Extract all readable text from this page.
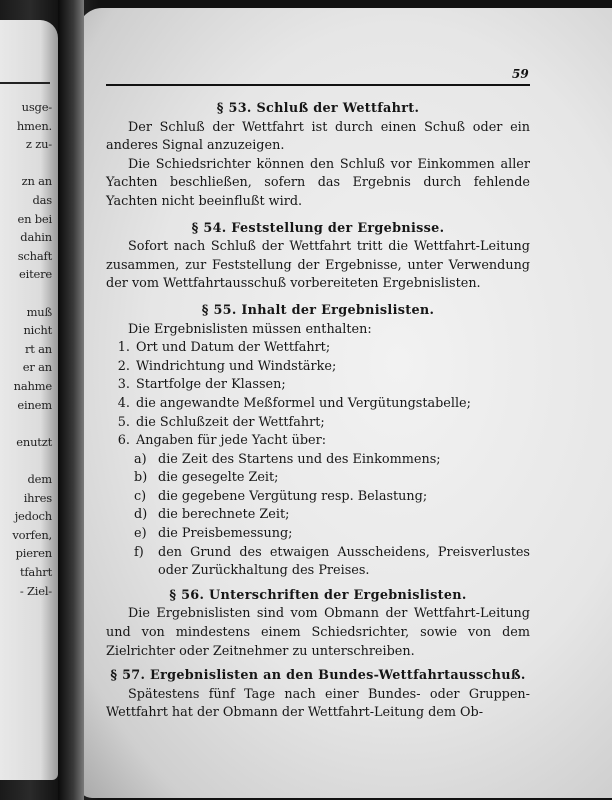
usge-
hmen.
z zu-
zn an
das
en bei
dahin
schaft
eitere
muß
nicht
rt an
er an
nahme
einem
enutzt
dem
ihres
jedoch
vorfen,
pieren
tfahrt
- Ziel-
59

§ 53. Schluß der Wettfahrt.

Der Schluß der Wettfahrt ist durch einen Schuß oder ein anderes Signal anzuzeigen.

Die Schiedsrichter können den Schluß vor Einkommen aller Yachten beschließen, sofern das Ergebnis durch fehlende Yachten nicht beeinflußt wird.

§ 54. Feststellung der Ergebnisse.

Sofort nach Schluß der Wettfahrt tritt die Wettfahrt-Leitung zusammen, zur Feststellung der Ergebnisse, unter Verwendung der vom Wettfahrtausschuß vorbereiteten Ergebnislisten.

§ 55. Inhalt der Ergebnislisten.

Die Ergebnislisten müssen enthalten:

1. Ort und Datum der Wettfahrt;
2. Windrichtung und Windstärke;
3. Startfolge der Klassen;
4. die angewandte Meßformel und Vergütungstabelle;
5. die Schlußzeit der Wettfahrt;
6. Angaben für jede Yacht über:
a) die Zeit des Startens und des Einkommens;
b) die gesegelte Zeit;
c) die gegebene Vergütung resp. Belastung;
d) die berechnete Zeit;
e) die Preisbemessung;
f)	den Grund des etwaigen Ausscheidens, Preisverlustes oder Zurückhaltung des Preises.

§ 56. Unterschriften der Ergebnislisten.

Die Ergebnislisten sind vom Obmann der Wettfahrt-Leitung und von mindestens einem Schiedsrichter, sowie von dem Zielrichter oder Zeitnehmer zu unterschreiben.

§ 57. Ergebnislisten an den Bundes-Wettfahrtausschuß.

Spätestens fünf Tage nach einer Bundes- oder Gruppen-Wettfahrt hat der Obmann der Wettfahrt-Leitung dem Ob-
